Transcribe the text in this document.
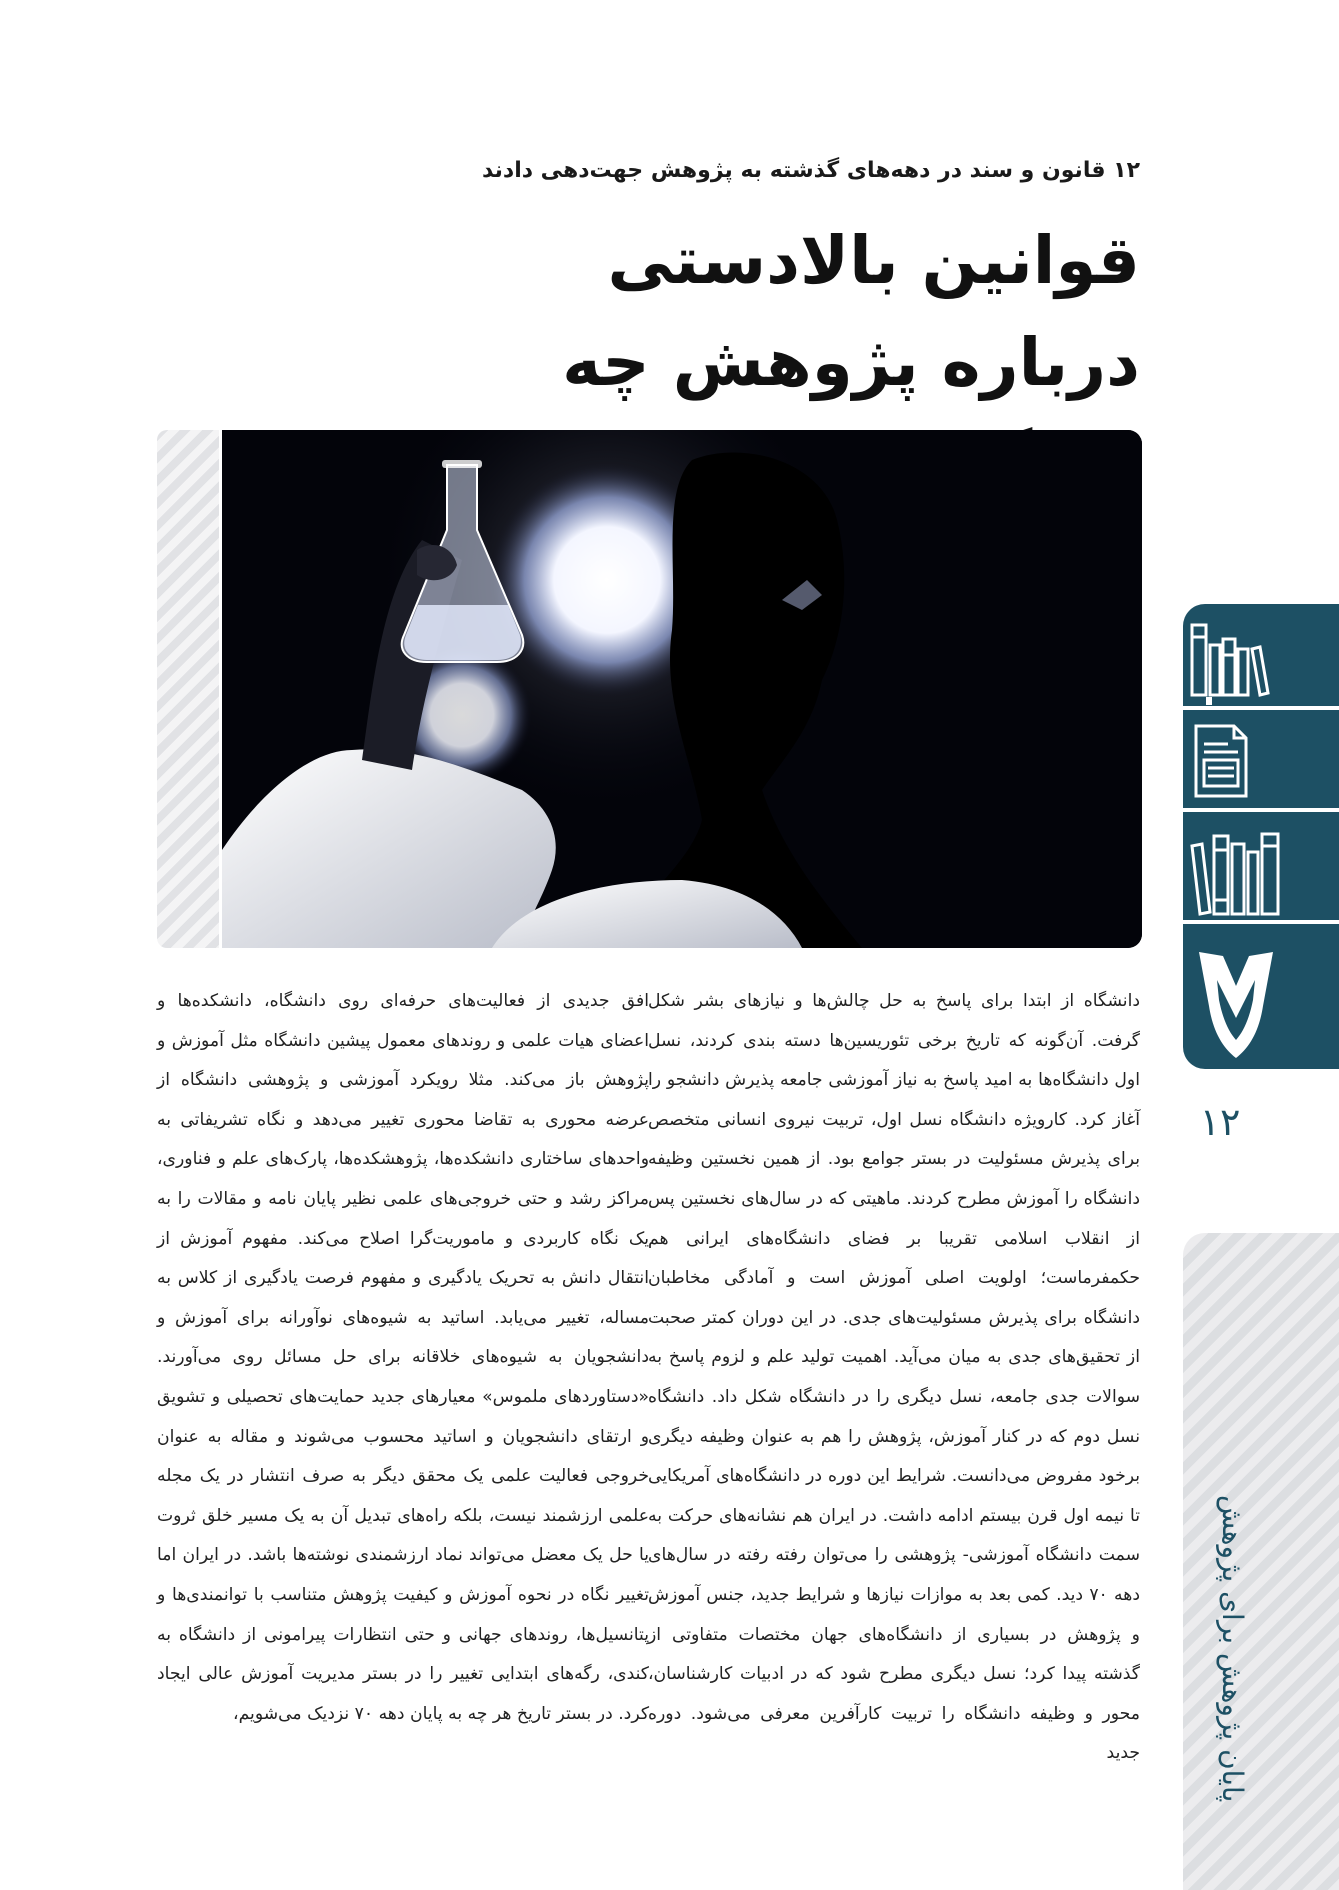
۱۲ قانون و سند در دهه‌های گذشته به پژوهش جهت‌دهی دادند
قوانین بالادستی
درباره پژوهش چه
دانشگاه از ابتدا برای پاسخ به حل چالش‌ها و نیازهای بشر شکل گرفت. آن‌گونه که تاریخ برخی تئوریسین‌ها دسته بندی کردند، نسل اول دانشگاه‌ها به امید پاسخ به نیاز آموزشی جامعه پذیرش دانشجو را آغاز کرد. کارویژه دانشگاه نسل اول، تربیت نیروی انسانی متخصص برای پذیرش مسئولیت در بستر جوامع بود. از همین نخستین وظیفه دانشگاه را آموزش مطرح کردند. ماهیتی که در سال‌های نخستین پس از انقلاب اسلامی تقریبا بر فضای دانشگاه‌های ایرانی هم حکمفرماست؛ اولویت اصلی آموزش است و آمادگی مخاطبان دانشگاه برای پذیرش مسئولیت‌های جدی. در این دوران کمتر صحبت از تحقیق‌های جدی به میان می‌آید. اهمیت تولید علم و لزوم پاسخ به سوالات جدی جامعه، نسل دیگری را در دانشگاه شکل داد. دانشگاه نسل دوم که در کنار آموزش، پژوهش را هم به عنوان وظیفه دیگری برخود مفروض می‌دانست. شرایط این دوره در دانشگاه‌های آمریکایی تا نیمه اول قرن بیستم ادامه داشت. در ایران هم نشانه‌های حرکت به سمت دانشگاه آموزشی- پژوهشی را می‌توان رفته رفته در سال‌های دهه ۷۰ دید. کمی بعد به موازات نیازها و شرایط جدید، جنس آموزش و پژوهش در بسیاری از دانشگاه‌های جهان مختصات متفاوتی از گذشته پیدا کرد؛ نسل دیگری مطرح شود که در ادبیات کارشناسان، محور و وظیفه دانشگاه را تربیت کارآفرین معرفی می‌شود. دوره جدید
افق جدیدی از فعالیت‌های حرفه‌ای روی دانشگاه، دانشکده‌ها و اعضای هیات علمی و روندهای معمول پیشین دانشگاه مثل آموزش و پژوهش باز می‌کند. مثلا رویکرد آموزشی و پژوهشی دانشگاه از عرضه محوری به تقاضا محوری تغییر می‌دهد و نگاه تشریفاتی به واحدهای ساختاری دانشکده‌ها، پژوهشکده‌ها، پارک‌های علم و فناوری، مراکز رشد و حتی خروجی‌های علمی نظیر پایان نامه و مقالات را به یک نگاه کاربردی و ماموریت‌گرا اصلاح می‌کند. مفهوم آموزش از انتقال دانش به تحریک یادگیری و مفهوم فرصت یادگیری از کلاس به مساله، تغییر می‌یابد. اساتید به شیوه‌های نوآورانه برای آموزش و دانشجویان به شیوه‌های خلاقانه برای حل مسائل روی می‌آورند. «دستاوردهای ملموس» معیارهای جدید حمایت‌های تحصیلی و تشویق و ارتقای دانشجویان و اساتید محسوب می‌شوند و مقاله به عنوان خروجی فعالیت علمی یک محقق دیگر به صرف انتشار در یک مجله علمی ارزشمند نیست، بلکه راه‌های تبدیل آن به یک مسیر خلق ثروت یا حل یک معضل می‌تواند نماد ارزشمندی نوشته‌ها باشد. در ایران اما تغییر نگاه در نحوه آموزش و کیفیت پژوهش متناسب با توانمندی‌ها و پتانسیل‌ها، روندهای جهانی و حتی انتظارات پیرامونی از دانشگاه به کندی، رگه‌های ابتدایی تغییر را در بستر مدیریت آموزش عالی ایجاد کرد. در بستر تاریخ هر چه به پایان دهه ۷۰ نزدیک می‌شویم،
۱۲
پایان پژوهش برای پژوهش
